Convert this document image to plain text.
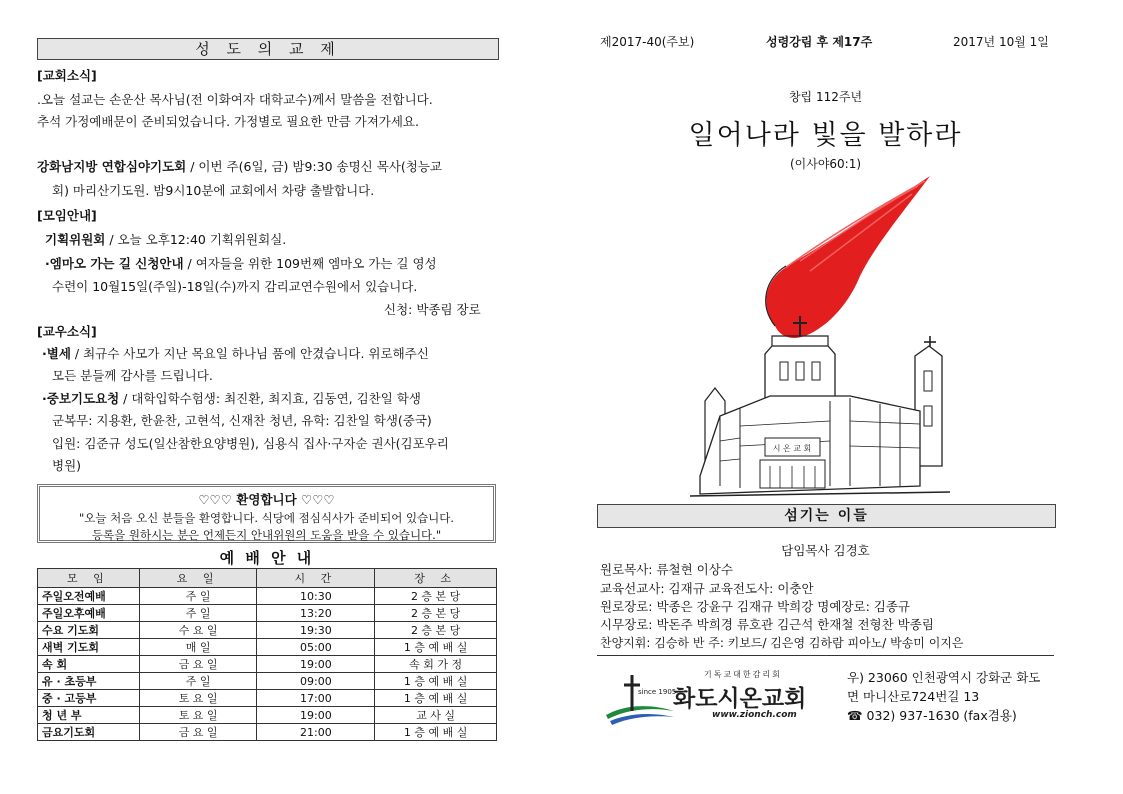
성 도 의 교 제
[교회소식]
.오늘 설교는 손운산 목사님(전 이화여자 대학교수)께서 말씀을 전합니다.
추석 가정예배문이 준비되었습니다. 가정별로 필요한 만큼 가져가세요.
강화남지방 연합심야기도회 / 이번 주(6일, 금) 밤9:30 송명신 목사(청능교
회) 마리산기도원. 밤9시10분에 교회에서 차량 출발합니다.
[모임안내]
기획위원회 / 오늘 오후12:40 기획위원회실.
·엠마오 가는 길 신청안내 / 여자들을 위한 109번째 엠마오 가는 길 영성
수련이 10월15일(주일)-18일(수)까지 감리교연수원에서 있습니다.
신청: 박종림 장로
[교우소식]
·별세 / 최규수 사모가 지난 목요일 하나님 품에 안겼습니다. 위로해주신
모든 분들께 감사를 드립니다.
·중보기도요청 / 대학입학수험생: 최진환, 최지효, 김동연, 김찬일 학생
군복무: 지용환, 한윤찬, 고현석, 신재찬 청년, 유학: 김찬일 학생(중국)
입원: 김준규 성도(일산참한요양병원), 심용식 집사·구자순 권사(김포우리
병원)
♡♡♡ 환영합니다 ♡♡♡
"오늘 처음 오신 분들을 환영합니다. 식당에 점심식사가 준비되어 있습니다.
등록을 원하시는 분은 언제든지 안내위원의 도움을 받을 수 있습니다."
예 배 안 내
모 임	요 일	시 간	장 소
주일오전예배	주 일	10:30	2 층 본 당
주일오후예배	주 일	13:20	2 층 본 당
수요 기도회	수 요 일	19:30	2 층 본 당
새벽 기도회	매 일	05:00	1 층 예 배 실
속 회	금 요 일	19:00	속 회 가 정
유 · 초등부	주 일	09:00	1 층 예 배 실
중 · 고등부	토 요 일	17:00	1 층 예 배 실
청 년 부	토 요 일	19:00	교 사 실
금요기도회	금 요 일	21:00	1 층 예 배 실
제2017-40(주보)	성령강림 후 제17주	2017년 10월 1일
창립 112주년
일어나라 빛을 발하라
(이사야60:1)
시 온 교 회
섬기는 이들
담임목사 김경호
원로목사: 류철현 이상수
교육선교사: 김재규 교육전도사: 이충안
원로장로: 박종은 강윤구 김재규 박희강 명예장로: 김종규
시무장로: 박돈주 박희경 류호관 김근석 한재철 전형찬 박종림
찬양지휘: 김승하 반 주: 키보드/ 김은영 김하람 피아노/ 박송미 이지은
기독교대한감리회
since 1905
화도시온교회
www.zionch.com
우) 23060 인천광역시 강화군 화도
면 마니산로724번길 13
☎ 032) 937-1630 (fax겸용)
